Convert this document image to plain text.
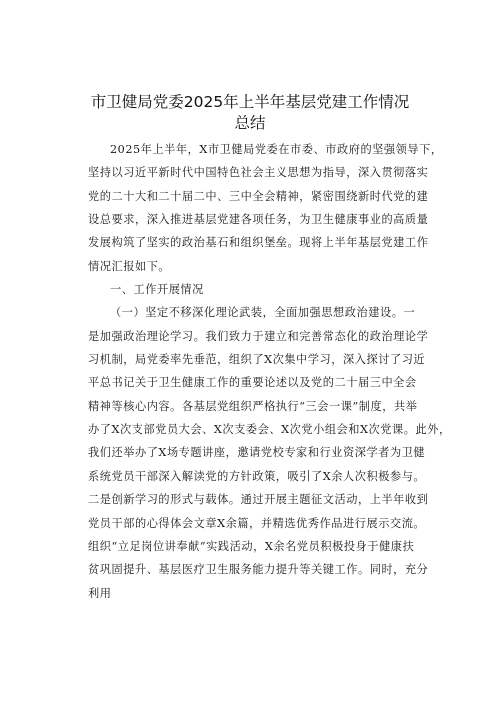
市卫健局党委2025年上半年基层党建工作情况
总结
2025年上半年，X市卫健局党委在市委、市政府的坚强领导下，
坚持以习近平新时代中国特色社会主义思想为指导，深入贯彻落实
党的二十大和二十届二中、三中全会精神，紧密围绕新时代党的建
设总要求，深入推进基层党建各项任务，为卫生健康事业的高质量
发展构筑了坚实的政治基石和组织堡垒。现将上半年基层党建工作
情况汇报如下。
一、工作开展情况
（一）坚定不移深化理论武装，全面加强思想政治建设。一
是加强政治理论学习。我们致力于建立和完善常态化的政治理论学
习机制，局党委率先垂范，组织了X次集中学习，深入探讨了习近
平总书记关于卫生健康工作的重要论述以及党的二十届三中全会
精神等核心内容。各基层党组织严格执行“三会一课”制度，共举
办了X次支部党员大会、X次支委会、X次党小组会和X次党课。此外，
我们还举办了X场专题讲座，邀请党校专家和行业资深学者为卫健
系统党员干部深入解读党的方针政策，吸引了X余人次积极参与。
二是创新学习的形式与载体。通过开展主题征文活动，上半年收到
党员干部的心得体会文章X余篇，并精选优秀作品进行展示交流。
组织“立足岗位讲奉献”实践活动，X余名党员积极投身于健康扶
贫巩固提升、基层医疗卫生服务能力提升等关键工作。同时，充分
利用
